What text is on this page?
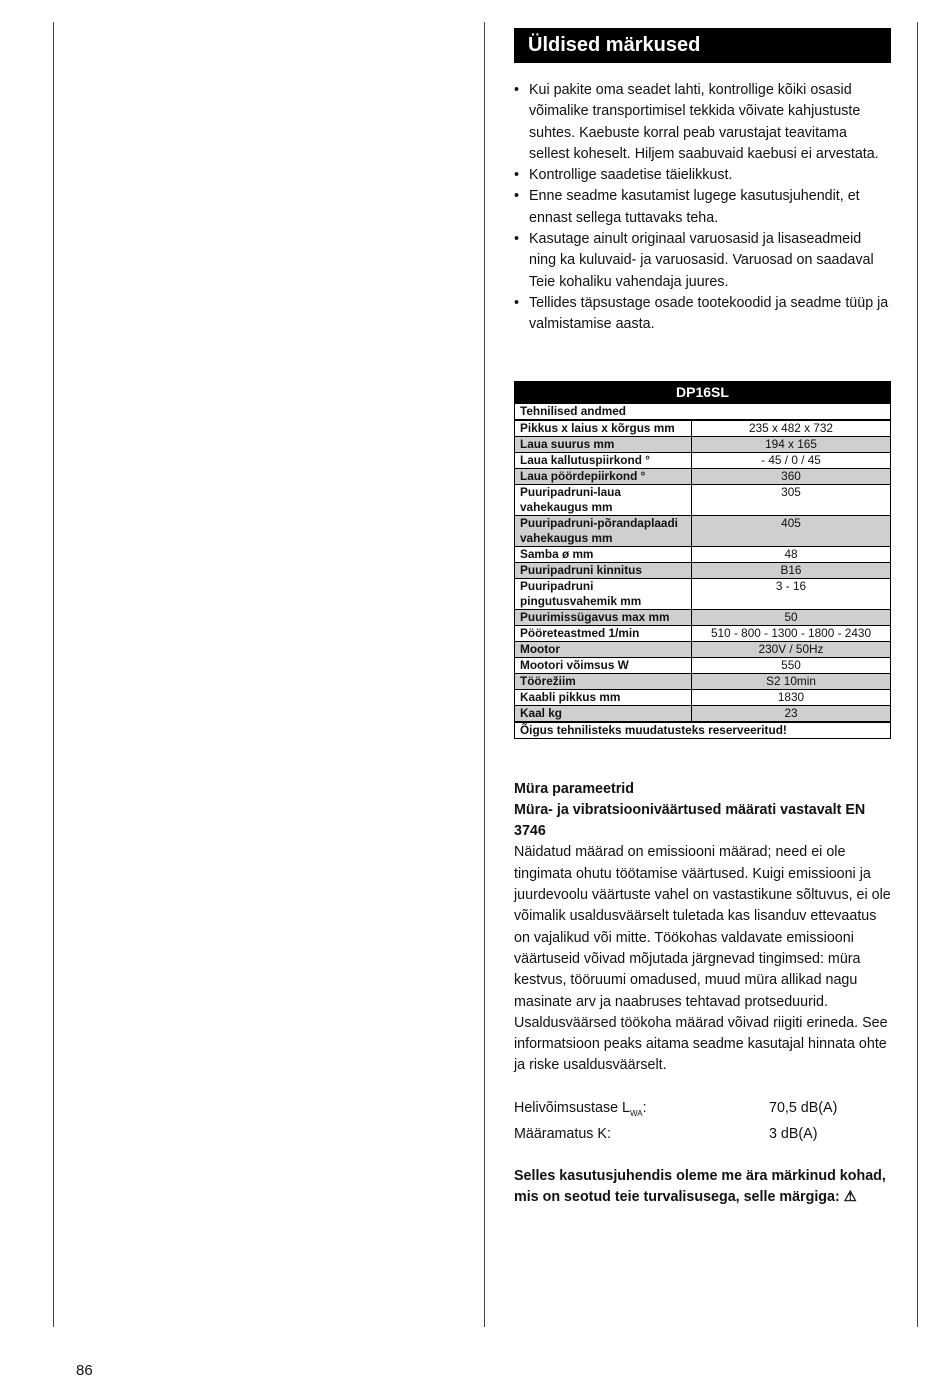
Üldised märkused
• Kui pakite oma seadet lahti, kontrollige kõiki osasid võimalike transportimisel tekkida võivate kahjustuste suhtes. Kaebuste korral peab varustajat teavitama sellest koheselt. Hiljem saabuvaid kaebusi ei arvestata.
• Kontrollige saadetise täielikkust.
• Enne seadme kasutamist lugege kasutusjuhendit, et ennast sellega tuttavaks teha.
• Kasutage ainult originaal varuosasid ja lisaseadmeid ning ka kuluvaid- ja varuosasid. Varuosad on saadaval Teie kohaliku vahendaja juures.
• Tellides täpsustage osade tootekoodid ja seadme tüüp ja valmistamise aasta.
DP16SL	
Tehnilised andmed	
Pikkus x laius x kõrgus mm	235 x 482 x 732
Laua suurus mm	194 x 165
Laua kallutuspiirkond °	- 45 / 0 / 45
Laua pöördepiirkond °	360
Puuripadruni-laua vahekaugus mm	305
Puuripadruni-põrandaplaadi vahekaugus mm	405
Samba ø mm	48
Puuripadruni kinnitus	B16
Puuripadruni pingutusvahemik mm	3 - 16
Puurimissügavus max mm	50
Pööreteastmed 1/min	510 - 800 - 1300 - 1800 - 2430
Mootor	230V / 50Hz
Mootori võimsus W	550
Töörežiim	S2 10min
Kaabli pikkus mm	1830
Kaal kg	23
Õigus tehnilisteks muudatusteks reserveeritud!	
Müra parameetrid
Müra- ja vibratsiooniväärtused määrati vastavalt EN 3746
Näidatud määrad on emissiooni määrad; need ei ole tingimata ohutu töötamise väärtused. Kuigi emissiooni ja juurdevoolu väärtuste vahel on vastastikune sõltuvus, ei ole võimalik usaldusväärselt tuletada kas lisanduv ettevaatus on vajalikud või mitte. Töökohas valdavate emissiooni väärtuseid võivad mõjutada järgnevad tingimsed: müra kestvus, tööruumi omadused, muud müra allikad nagu masinate arv ja naabruses tehtavad protseduurid. Usaldusväärsed töökoha määrad võivad riigiti erineda. See informatsioon peaks aitama seadme kasutajal hinnata ohte ja riske usaldusväärselt.
Helivõimsustase $L_{WA}$:	70,5 dB(A)
Määramatus K:	3 dB(A)
Selles kasutusjuhendis oleme me ära märkinud kohad, mis on seotud teie turvalisusega, selle märgiga: ⚠
86
